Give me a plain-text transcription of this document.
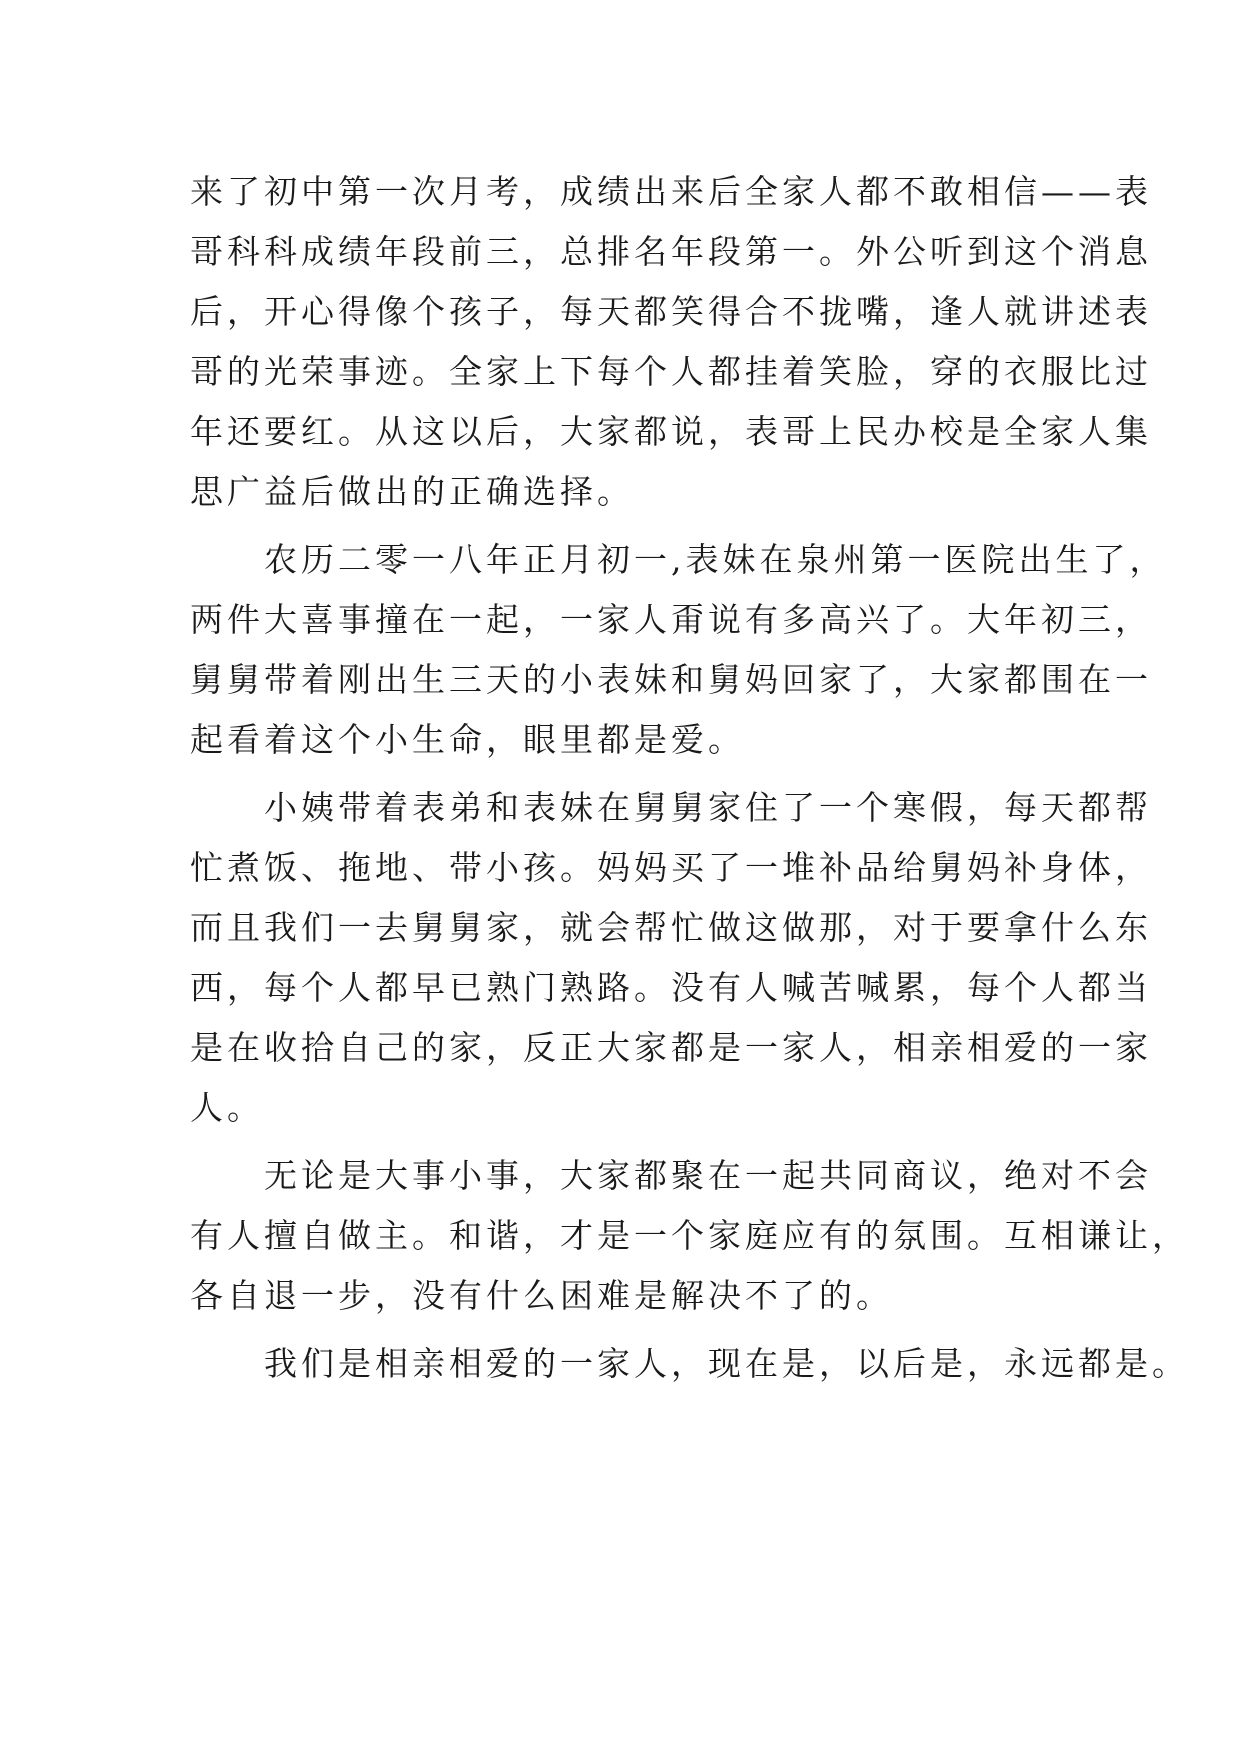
来了初中第一次月考，成绩出来后全家人都不敢相信——表
哥科科成绩年段前三，总排名年段第一。外公听到这个消息
后，开心得像个孩子，每天都笑得合不拢嘴，逢人就讲述表
哥的光荣事迹。全家上下每个人都挂着笑脸，穿的衣服比过
年还要红。从这以后，大家都说，表哥上民办校是全家人集
思广益后做出的正确选择。
　　农历二零一八年正月初一,表妹在泉州第一医院出生了，
两件大喜事撞在一起，一家人甭说有多高兴了。大年初三，
舅舅带着刚出生三天的小表妹和舅妈回家了，大家都围在一
起看着这个小生命，眼里都是爱。
　　小姨带着表弟和表妹在舅舅家住了一个寒假，每天都帮
忙煮饭、拖地、带小孩。妈妈买了一堆补品给舅妈补身体，
而且我们一去舅舅家，就会帮忙做这做那，对于要拿什么东
西，每个人都早已熟门熟路。没有人喊苦喊累，每个人都当
是在收拾自己的家，反正大家都是一家人，相亲相爱的一家
人。
　　无论是大事小事，大家都聚在一起共同商议，绝对不会
有人擅自做主。和谐，才是一个家庭应有的氛围。互相谦让，
各自退一步，没有什么困难是解决不了的。
　　我们是相亲相爱的一家人，现在是，以后是，永远都是。
